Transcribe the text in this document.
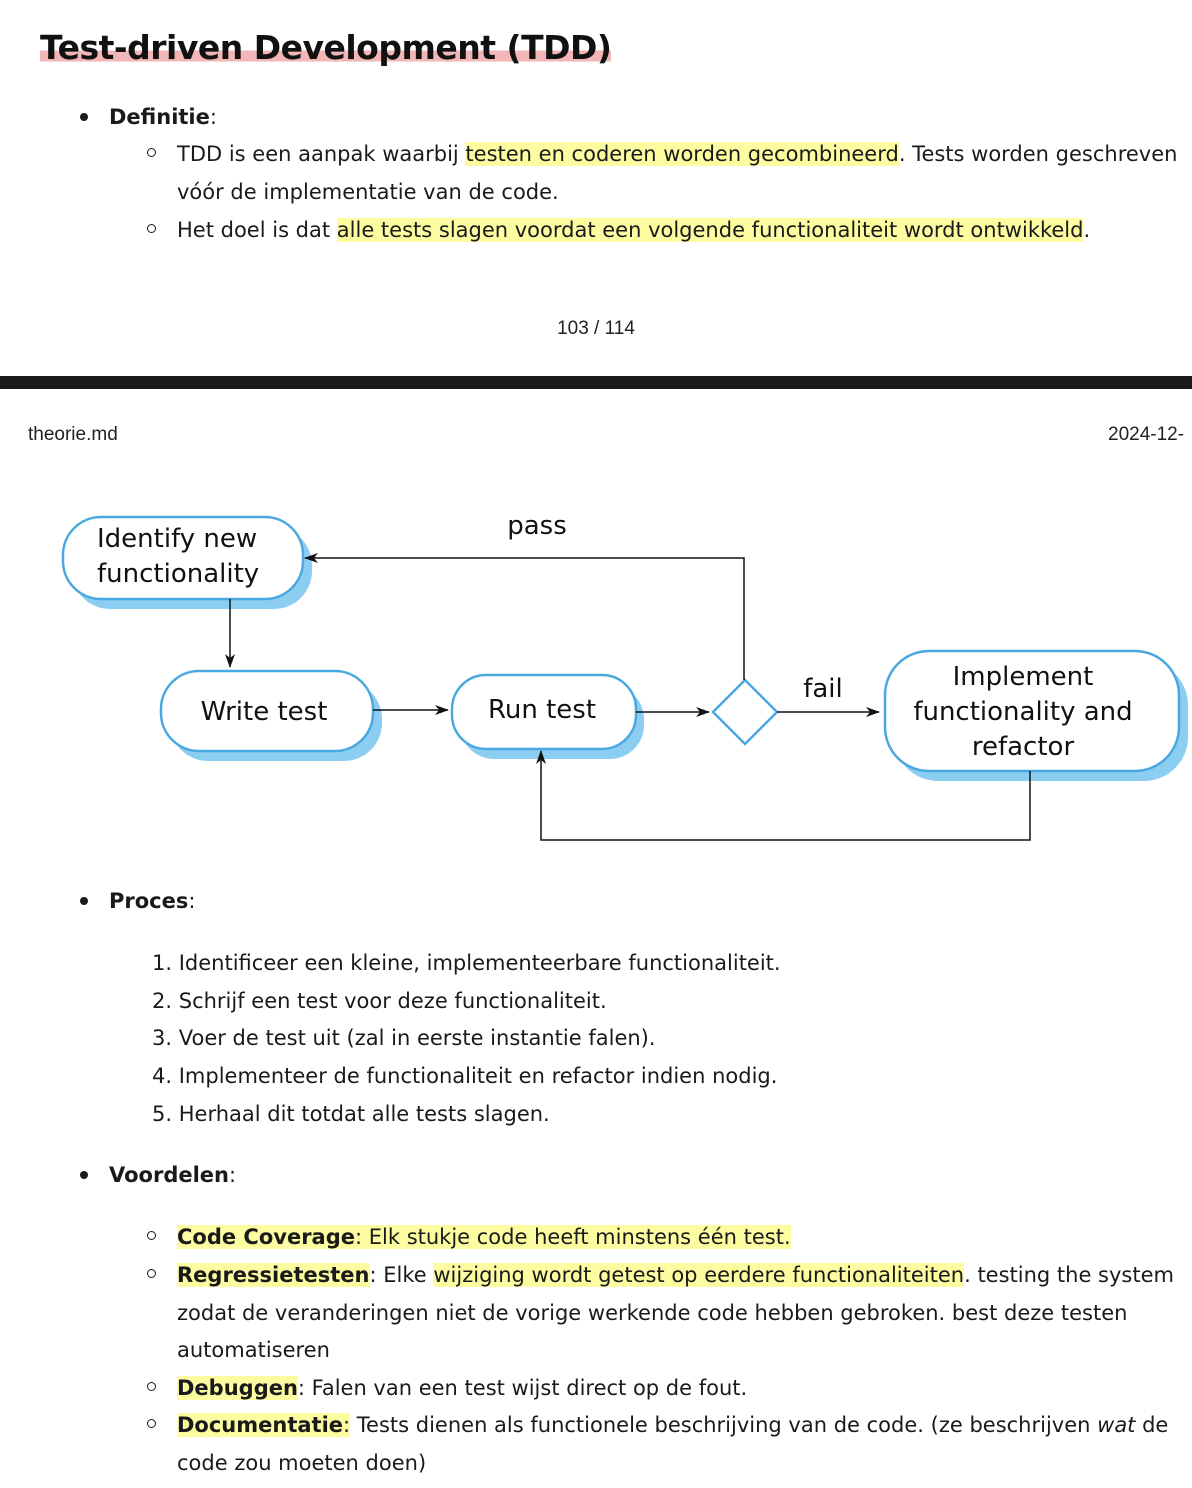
Test-driven Development (TDD)
Definitie:
TDD is een aanpak waarbij testen en coderen worden gecombineerd. Tests worden geschreven
vóór de implementatie van de code.
Het doel is dat alle tests slagen voordat een volgende functionaliteit wordt ontwikkeld.
103 / 114
theorie.md	2024-12-
Identify new
functionality
Write test	Run test
Implement
functionality and
refactor
pass
fail
Proces:
1. Identificeer een kleine, implementeerbare functionaliteit.
2. Schrijf een test voor deze functionaliteit.
3. Voer de test uit (zal in eerste instantie falen).
4. Implementeer de functionaliteit en refactor indien nodig.
5. Herhaal dit totdat alle tests slagen.
Voordelen:
Code Coverage: Elk stukje code heeft minstens één test.
Regressietesten: Elke wijziging wordt getest op eerdere functionaliteiten. testing the system
zodat de veranderingen niet de vorige werkende code hebben gebroken. best deze testen
automatiseren
Debuggen: Falen van een test wijst direct op de fout.
Documentatie: Tests dienen als functionele beschrijving van de code. (ze beschrijven wat de
code zou moeten doen)
